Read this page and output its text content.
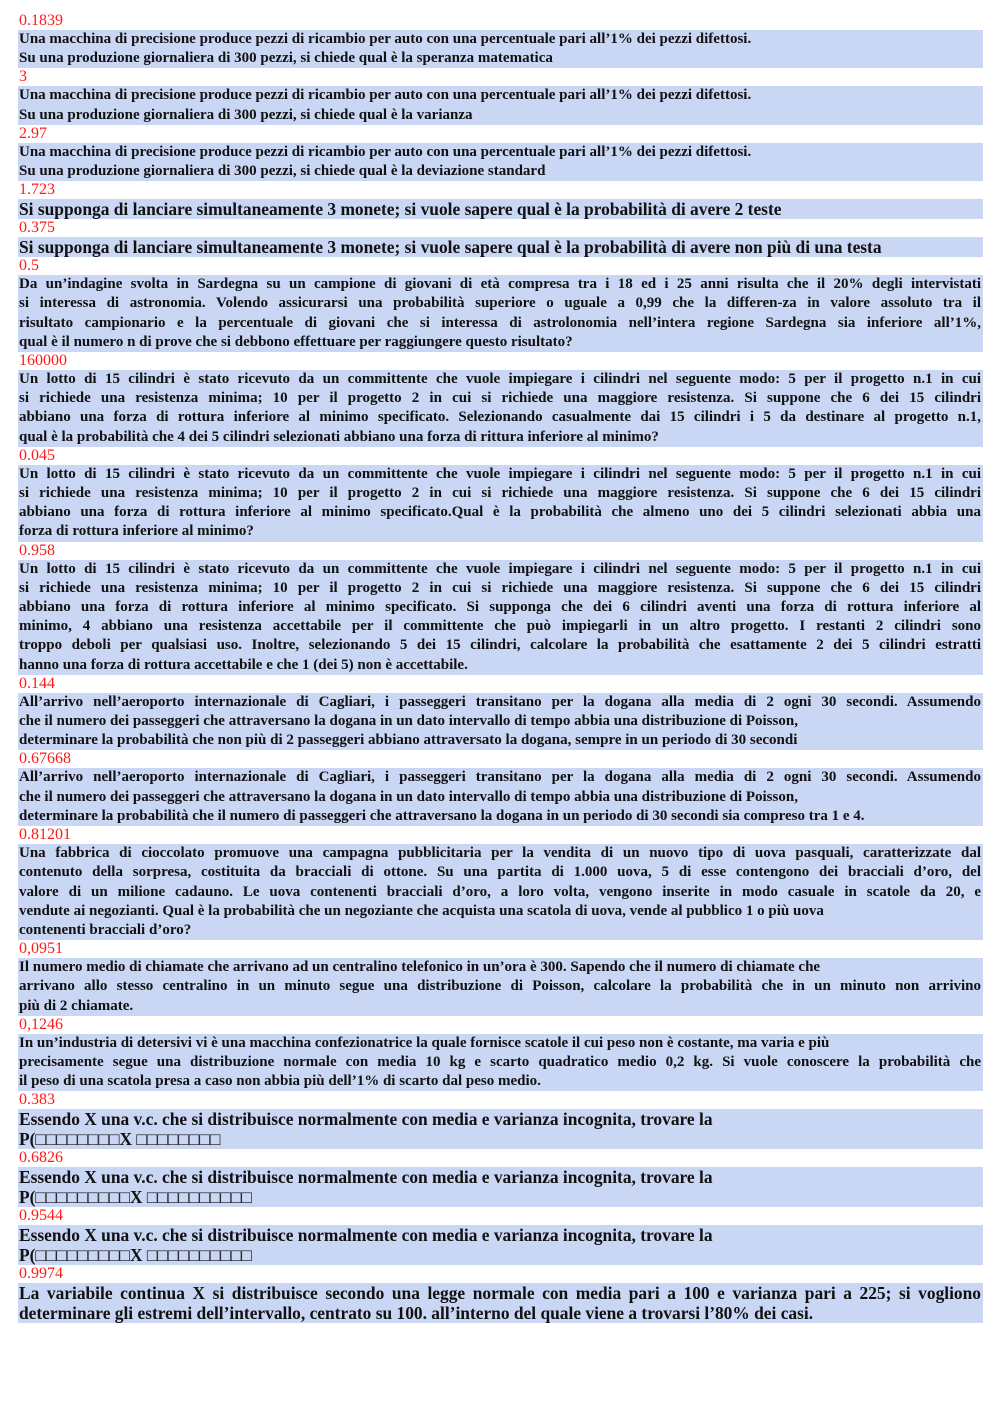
0.1839
Una macchina di precisione produce pezzi di ricambio per auto con una percentuale pari all’1% dei pezzi difettosi.
Su una produzione giornaliera di 300 pezzi, si chiede qual è la speranza matematica
3
Una macchina di precisione produce pezzi di ricambio per auto con una percentuale pari all’1% dei pezzi difettosi.
Su una produzione giornaliera di 300 pezzi, si chiede qual è la varianza
2.97
Una macchina di precisione produce pezzi di ricambio per auto con una percentuale pari all’1% dei pezzi difettosi.
Su una produzione giornaliera di 300 pezzi, si chiede qual è la deviazione standard
1.723
Si supponga di lanciare simultaneamente 3 monete; si vuole sapere qual è la probabilità di avere 2 teste
0.375
Si supponga di lanciare simultaneamente 3 monete; si vuole sapere qual è la probabilità di avere non più di una testa
0.5
Da un’indagine svolta in Sardegna su un campione di giovani di età compresa tra i 18 ed i 25 anni risulta che il 20% degli intervistati
si interessa di astronomia. Volendo assicurarsi una probabilità superiore o uguale a 0,99 che la differen-za in valore assoluto tra il
risultato campionario e la percentuale di giovani che si interessa di astrolonomia nell’intera regione Sardegna sia inferiore all’1%,
qual è il numero n di prove che si debbono effettuare per raggiungere questo risultato?
160000
Un lotto di 15 cilindri è stato ricevuto da un committente che vuole impiegare i cilindri nel seguente modo: 5 per il progetto n.1 in cui
si richiede una resistenza minima; 10 per il progetto 2 in cui si richiede una maggiore resistenza. Si suppone che 6 dei 15 cilindri
abbiano una forza di rottura inferiore al minimo specificato. Selezionando casualmente dai 15 cilindri i 5 da destinare al progetto n.1,
qual è la probabilità che 4 dei 5 cilindri selezionati abbiano una forza di rittura inferiore al minimo?
0.045
Un lotto di 15 cilindri è stato ricevuto da un committente che vuole impiegare i cilindri nel seguente modo: 5 per il progetto n.1 in cui
si richiede una resistenza minima; 10 per il progetto 2 in cui si richiede una maggiore resistenza. Si suppone che 6 dei 15 cilindri
abbiano una forza di rottura inferiore al minimo specificato.Qual è la probabilità che almeno uno dei 5 cilindri selezionati abbia una
forza di rottura inferiore al minimo?
0.958
Un lotto di 15 cilindri è stato ricevuto da un committente che vuole impiegare i cilindri nel seguente modo: 5 per il progetto n.1 in cui
si richiede una resistenza minima; 10 per il progetto 2 in cui si richiede una maggiore resistenza. Si suppone che 6 dei 15 cilindri
abbiano una forza di rottura inferiore al minimo specificato. Si supponga che dei 6 cilindri aventi una forza di rottura inferiore al
minimo, 4 abbiano una resistenza accettabile per il committente che può impiegarli in un altro progetto. I restanti 2 cilindri sono
troppo deboli per qualsiasi uso. Inoltre, selezionando 5 dei 15 cilindri, calcolare la probabilità che esattamente 2 dei 5 cilindri estratti
hanno una forza di rottura accettabile e che 1 (dei 5) non è accettabile.
0.144
All’arrivo nell’aeroporto internazionale di Cagliari, i passeggeri transitano per la dogana alla media di 2 ogni 30 secondi. Assumendo
che il numero dei passeggeri che attraversano la dogana in un dato intervallo di tempo abbia una distribuzione di Poisson,
determinare la probabilità che non più di 2 passeggeri abbiano attraversato la dogana, sempre in un periodo di 30 secondi
0.67668
All’arrivo nell’aeroporto internazionale di Cagliari, i passeggeri transitano per la dogana alla media di 2 ogni 30 secondi. Assumendo
che il numero dei passeggeri che attraversano la dogana in un dato intervallo di tempo abbia una distribuzione di Poisson,
determinare la probabilità che il numero di passeggeri che attraversano la dogana in un periodo di 30 secondi sia compreso tra 1 e 4.
0.81201
Una fabbrica di cioccolato promuove una campagna pubblicitaria per la vendita di un nuovo tipo di uova pasquali, caratterizzate dal
contenuto della sorpresa, costituita da bracciali di ottone. Su una partita di 1.000 uova, 5 di esse contengono dei bracciali d’oro, del
valore di un milione cadauno. Le uova contenenti bracciali d’oro, a loro volta, vengono inserite in modo casuale in scatole da 20, e
vendute ai negozianti. Qual è la probabilità che un negoziante che acquista una scatola di uova, vende al pubblico 1 o più uova
contenenti bracciali d’oro?
0,0951
Il numero medio di chiamate che arrivano ad un centralino telefonico in un’ora è 300. Sapendo che il numero di chiamate che
arrivano allo stesso centralino in un minuto segue una distribuzione di Poisson, calcolare la probabilità che in un minuto non arrivino
più di 2 chiamate.
0,1246
In un’industria di detersivi vi è una macchina confezionatrice la quale fornisce scatole il cui peso non è costante, ma varia e più
precisamente segue una distribuzione normale con media 10 kg e scarto quadratico medio 0,2 kg. Si vuole conoscere la probabilità che
il peso di una scatola presa a caso non abbia più dell’1% di scarto dal peso medio.
0.383
Essendo X una v.c. che si distribuisce normalmente con media e varianza incognita, trovare la
P(□□□□□□□□X □□□□□□□□
0.6826
Essendo X una v.c. che si distribuisce normalmente con media e varianza incognita, trovare la
P(□□□□□□□□□X □□□□□□□□□□
0.9544
Essendo X una v.c. che si distribuisce normalmente con media e varianza incognita, trovare la
P(□□□□□□□□□X □□□□□□□□□□
0.9974
La variabile continua X si distribuisce secondo una legge normale con media pari a 100 e varianza pari a 225; si vogliono
determinare gli estremi dell’intervallo, centrato su 100. all’interno del quale viene a trovarsi l’80% dei casi.
